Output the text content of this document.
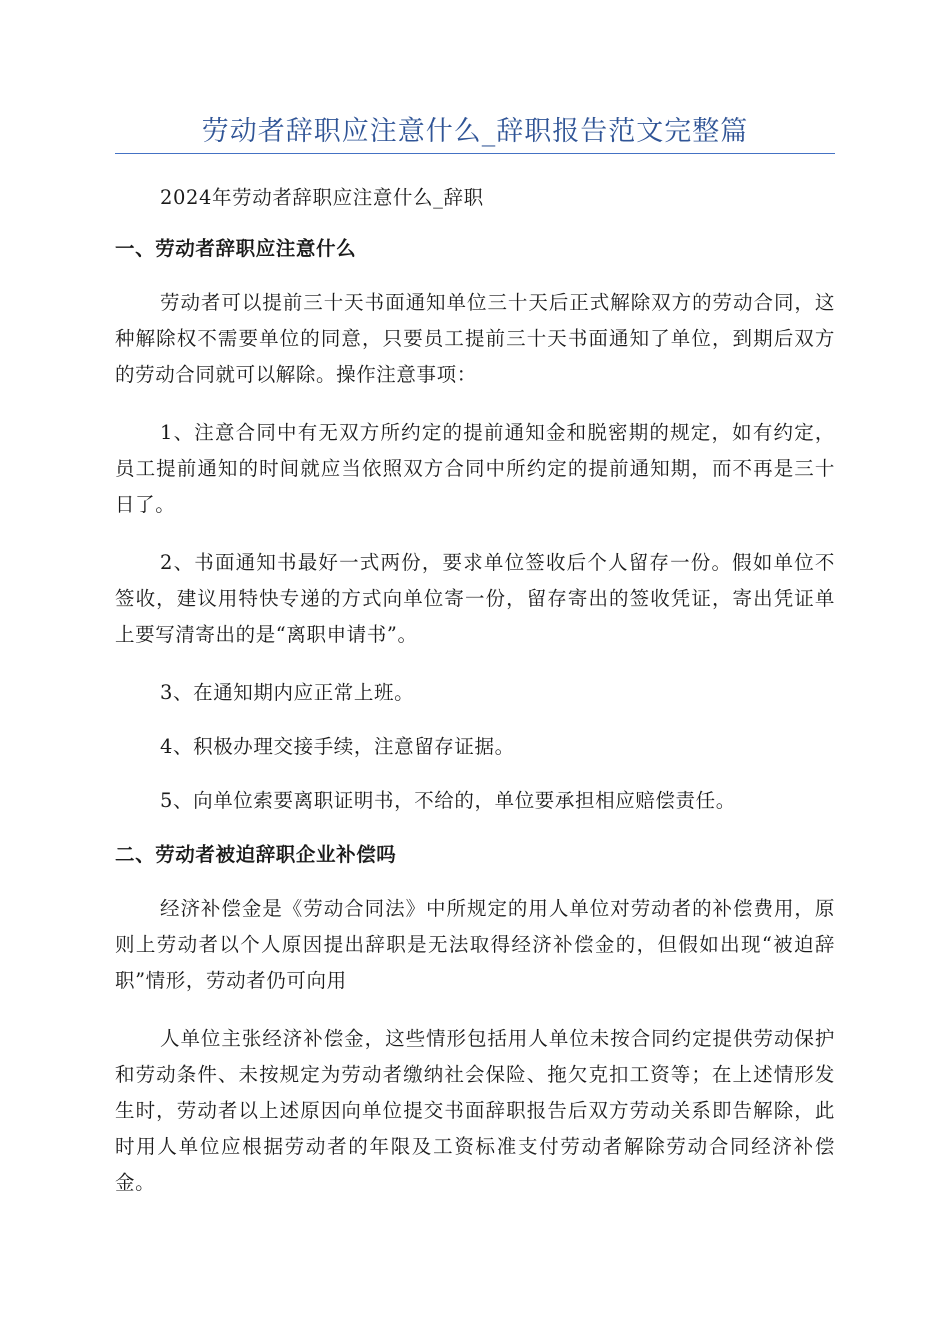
劳动者辞职应注意什么_辞职报告范文完整篇

2024年劳动者辞职应注意什么_辞职

一、劳动者辞职应注意什么

劳动者可以提前三十天书面通知单位三十天后正式解除双方的劳动合同，这种解除权不需要单位的同意，只要员工提前三十天书面通知了单位，到期后双方的劳动合同就可以解除。操作注意事项：

1、注意合同中有无双方所约定的提前通知金和脱密期的规定，如有约定，员工提前通知的时间就应当依照双方合同中所约定的提前通知期，而不再是三十日了。

2、书面通知书最好一式两份，要求单位签收后个人留存一份。假如单位不签收，建议用特快专递的方式向单位寄一份，留存寄出的签收凭证，寄出凭证单上要写清寄出的是“离职申请书”。

3、在通知期内应正常上班。

4、积极办理交接手续，注意留存证据。

5、向单位索要离职证明书，不给的，单位要承担相应赔偿责任。

二、劳动者被迫辞职企业补偿吗

经济补偿金是《劳动合同法》中所规定的用人单位对劳动者的补偿费用，原则上劳动者以个人原因提出辞职是无法取得经济补偿金的，但假如出现“被迫辞职”情形，劳动者仍可向用

人单位主张经济补偿金，这些情形包括用人单位未按合同约定提供劳动保护和劳动条件、未按规定为劳动者缴纳社会保险、拖欠克扣工资等；在上述情形发生时，劳动者以上述原因向单位提交书面辞职报告后双方劳动关系即告解除，此时用人单位应根据劳动者的年限及工资标准支付劳动者解除劳动合同经济补偿金。
